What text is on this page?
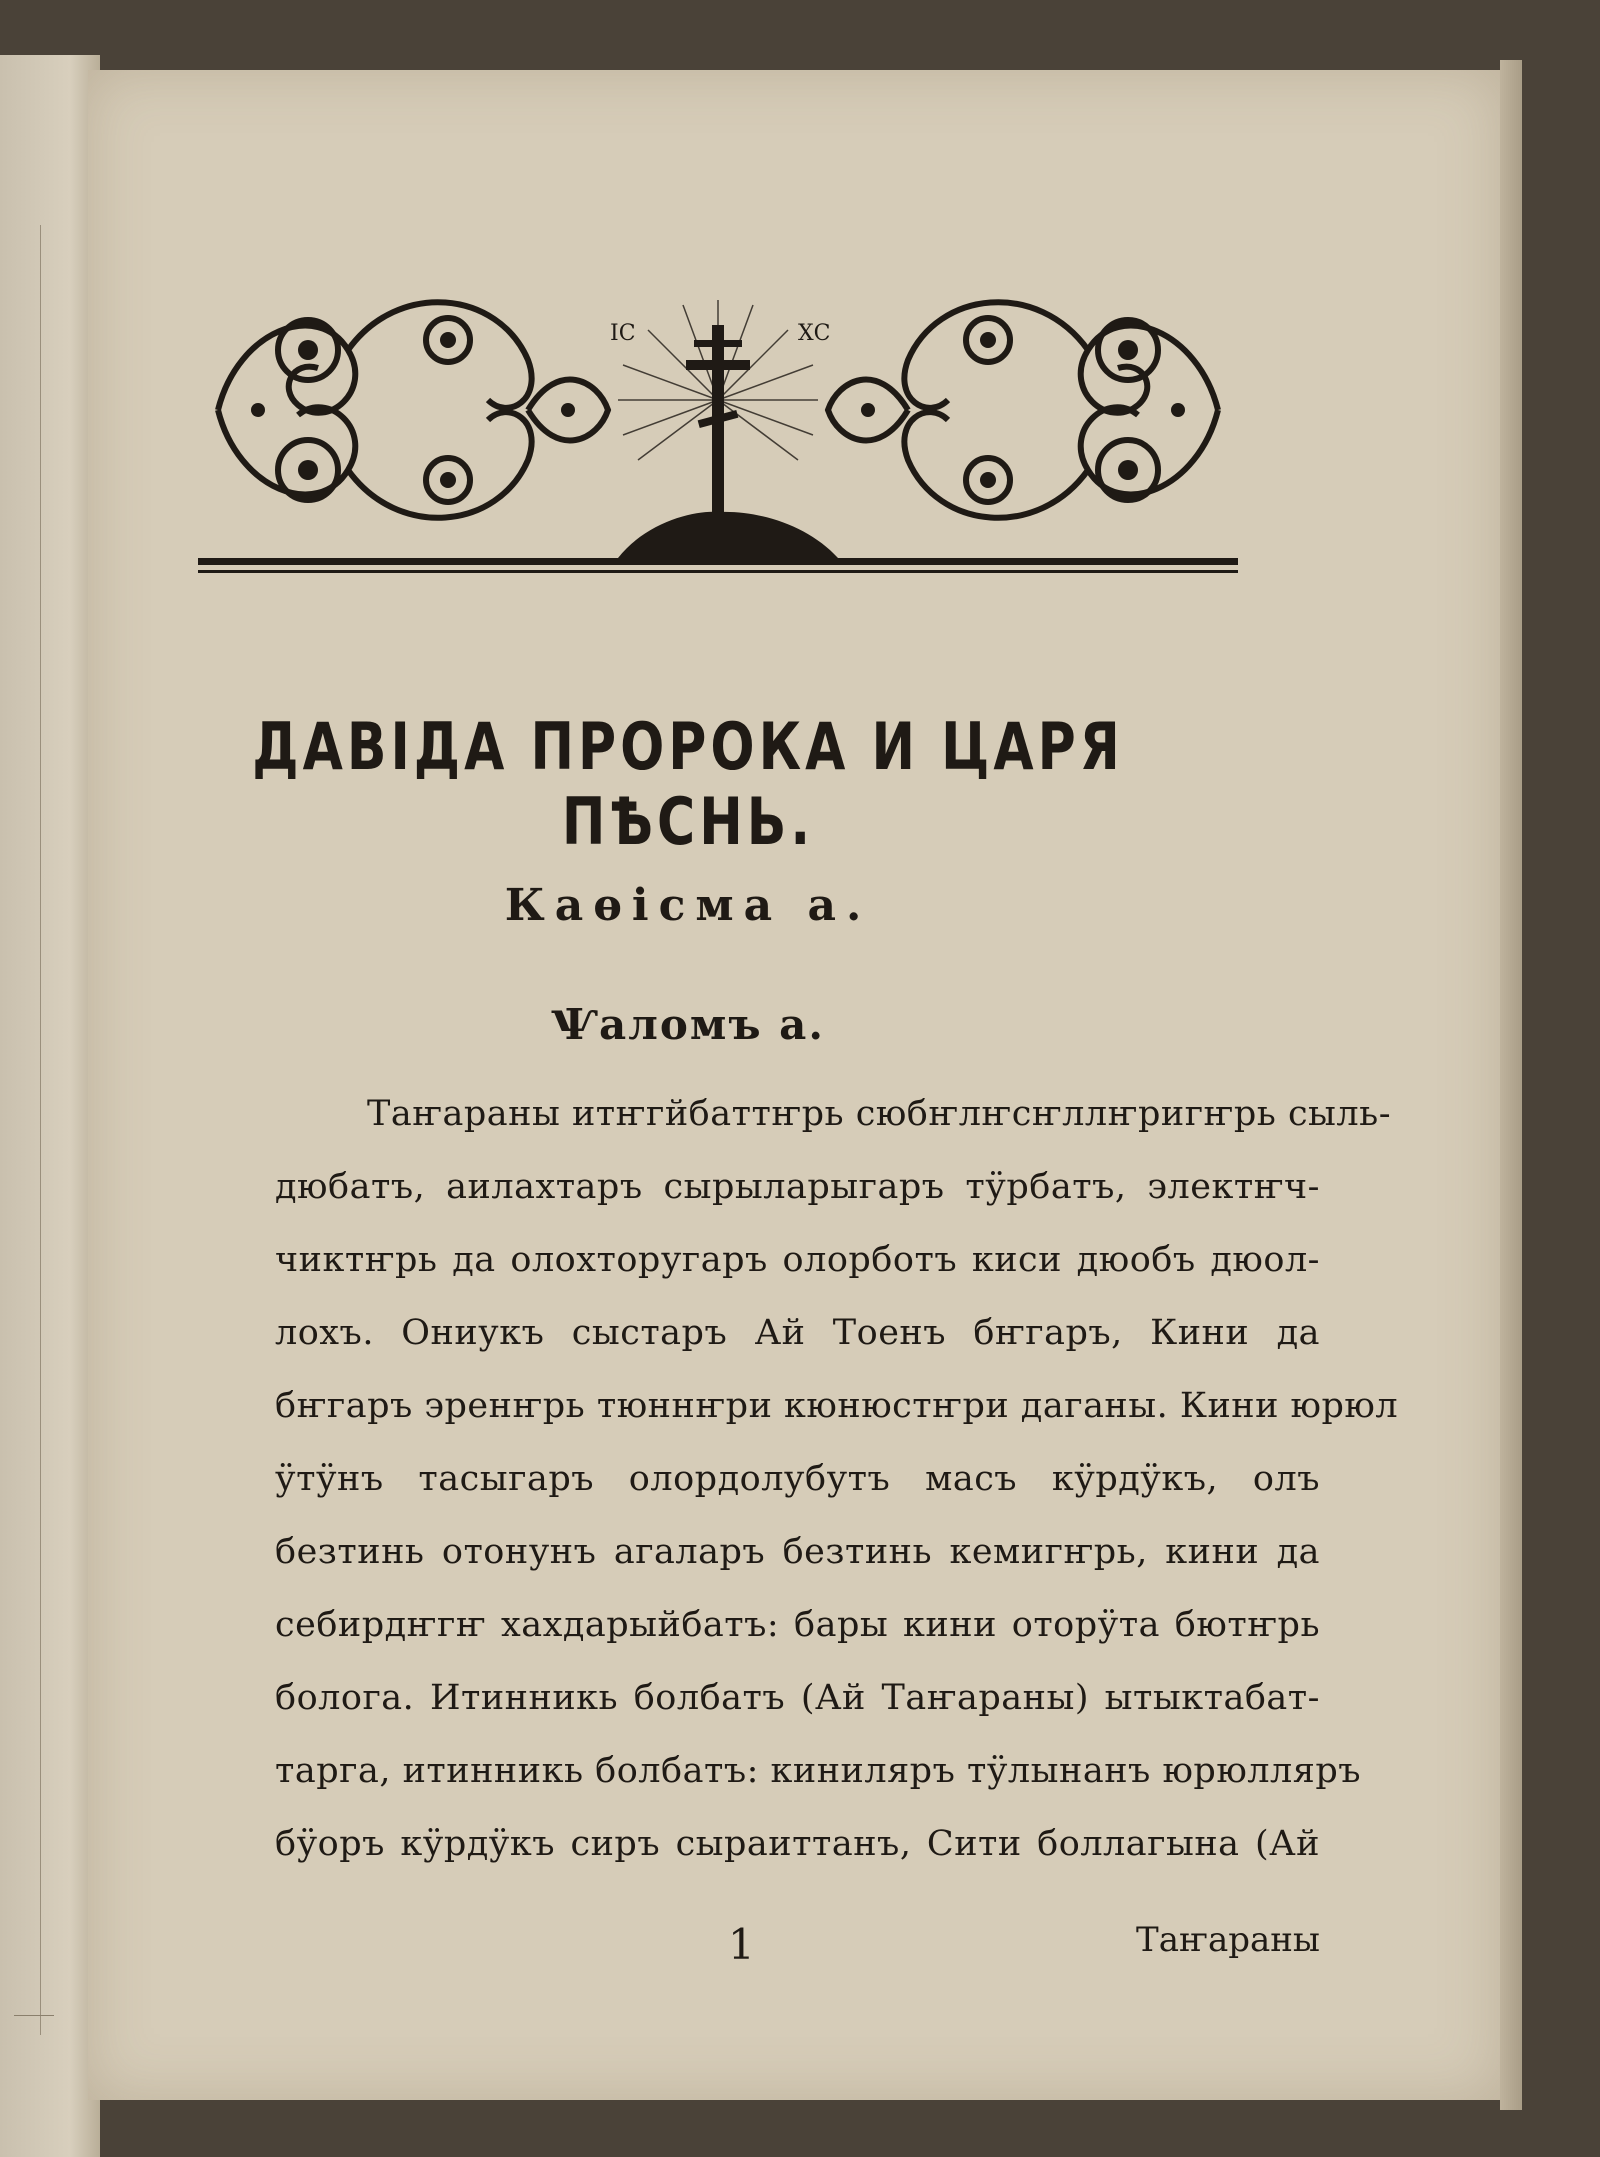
ІС	ХС
ДАВІДА ПРОРОКА И ЦАРЯ ПѢСНЬ.
Каѳісма а.
Ѱаломъ а.
Таҥараны итҥгйбаттҥрь сюбҥлҥсҥллҥригҥрь сыль-
дюбатъ, аилахтаръ сырыларыгаръ тӱрбатъ, электҥч-
чиктҥрь да олохторугаръ олорботъ киси дюобъ дюол-
лохъ. Ониукъ сыстаръ Ай Тоенъ бҥгаръ, Кини да
бҥгаръ эренҥрь тюннҥри кюнюстҥри даганы. Кини юрюл
ӱтӱнъ тасыгаръ олордолубутъ масъ кӱрдӱкъ, олъ
безтинь отонунъ агаларъ безтинь кемигҥрь, кини да
себирдҥгҥ хахдарыйбатъ: бары кини оторӱта бютҥрь
бологa. Итинникь болбатъ (Ай Таҥараны) ытыктабат-
тарга, итинникь болбатъ: киниляръ тӱлынанъ юрюлляръ
бӱоръ кӱрдӱкъ сиръ сыраиттанъ, Сити боллагына (Ай
1	Таҥараны
